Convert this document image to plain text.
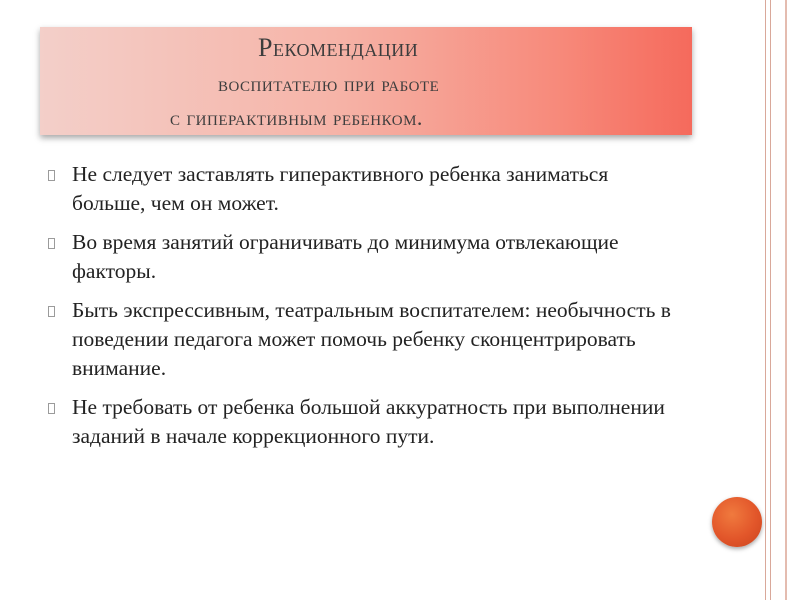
Рекомендации
воспитателю при работе
с гиперактивным ребенком.
Не следует заставлять гиперактивного ребенка заниматься больше, чем он может.
Во время занятий ограничивать до минимума отвлекающие факторы.
Быть экспрессивным, театральным воспитателем: необычность в поведении педагога может помочь ребенку сконцентрировать внимание.
Не требовать от ребенка большой аккуратность при выполнении заданий в начале коррекционного пути.
